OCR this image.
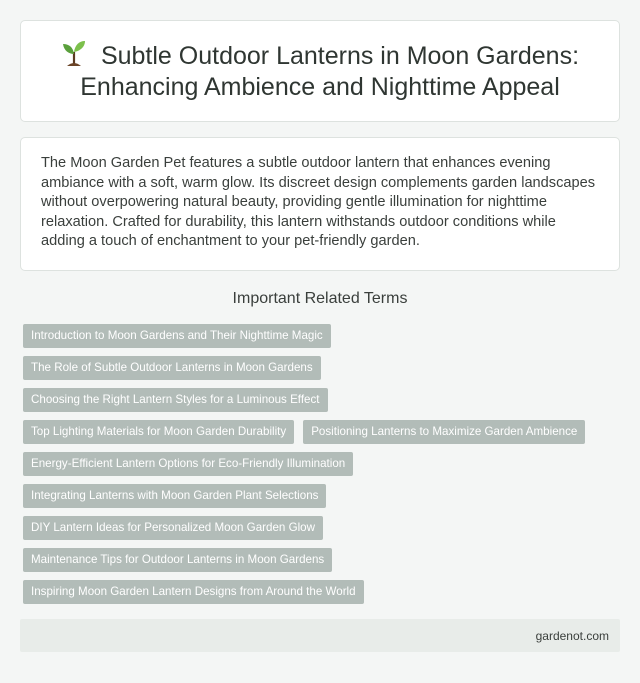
Subtle Outdoor Lanterns in Moon Gardens: Enhancing Ambience and Nighttime Appeal

The Moon Garden Pet features a subtle outdoor lantern that enhances evening ambiance with a soft, warm glow. Its discreet design complements garden landscapes without overpowering natural beauty, providing gentle illumination for nighttime relaxation. Crafted for durability, this lantern withstands outdoor conditions while adding a touch of enchantment to your pet-friendly garden.

Important Related Terms
Introduction to Moon Gardens and Their Nighttime Magic
The Role of Subtle Outdoor Lanterns in Moon Gardens
Choosing the Right Lantern Styles for a Luminous Effect
Top Lighting Materials for Moon Garden Durability	Positioning Lanterns to Maximize Garden Ambience
Energy-Efficient Lantern Options for Eco-Friendly Illumination
Integrating Lanterns with Moon Garden Plant Selections
DIY Lantern Ideas for Personalized Moon Garden Glow
Maintenance Tips for Outdoor Lanterns in Moon Gardens
Inspiring Moon Garden Lantern Designs from Around the World
gardenot.com
